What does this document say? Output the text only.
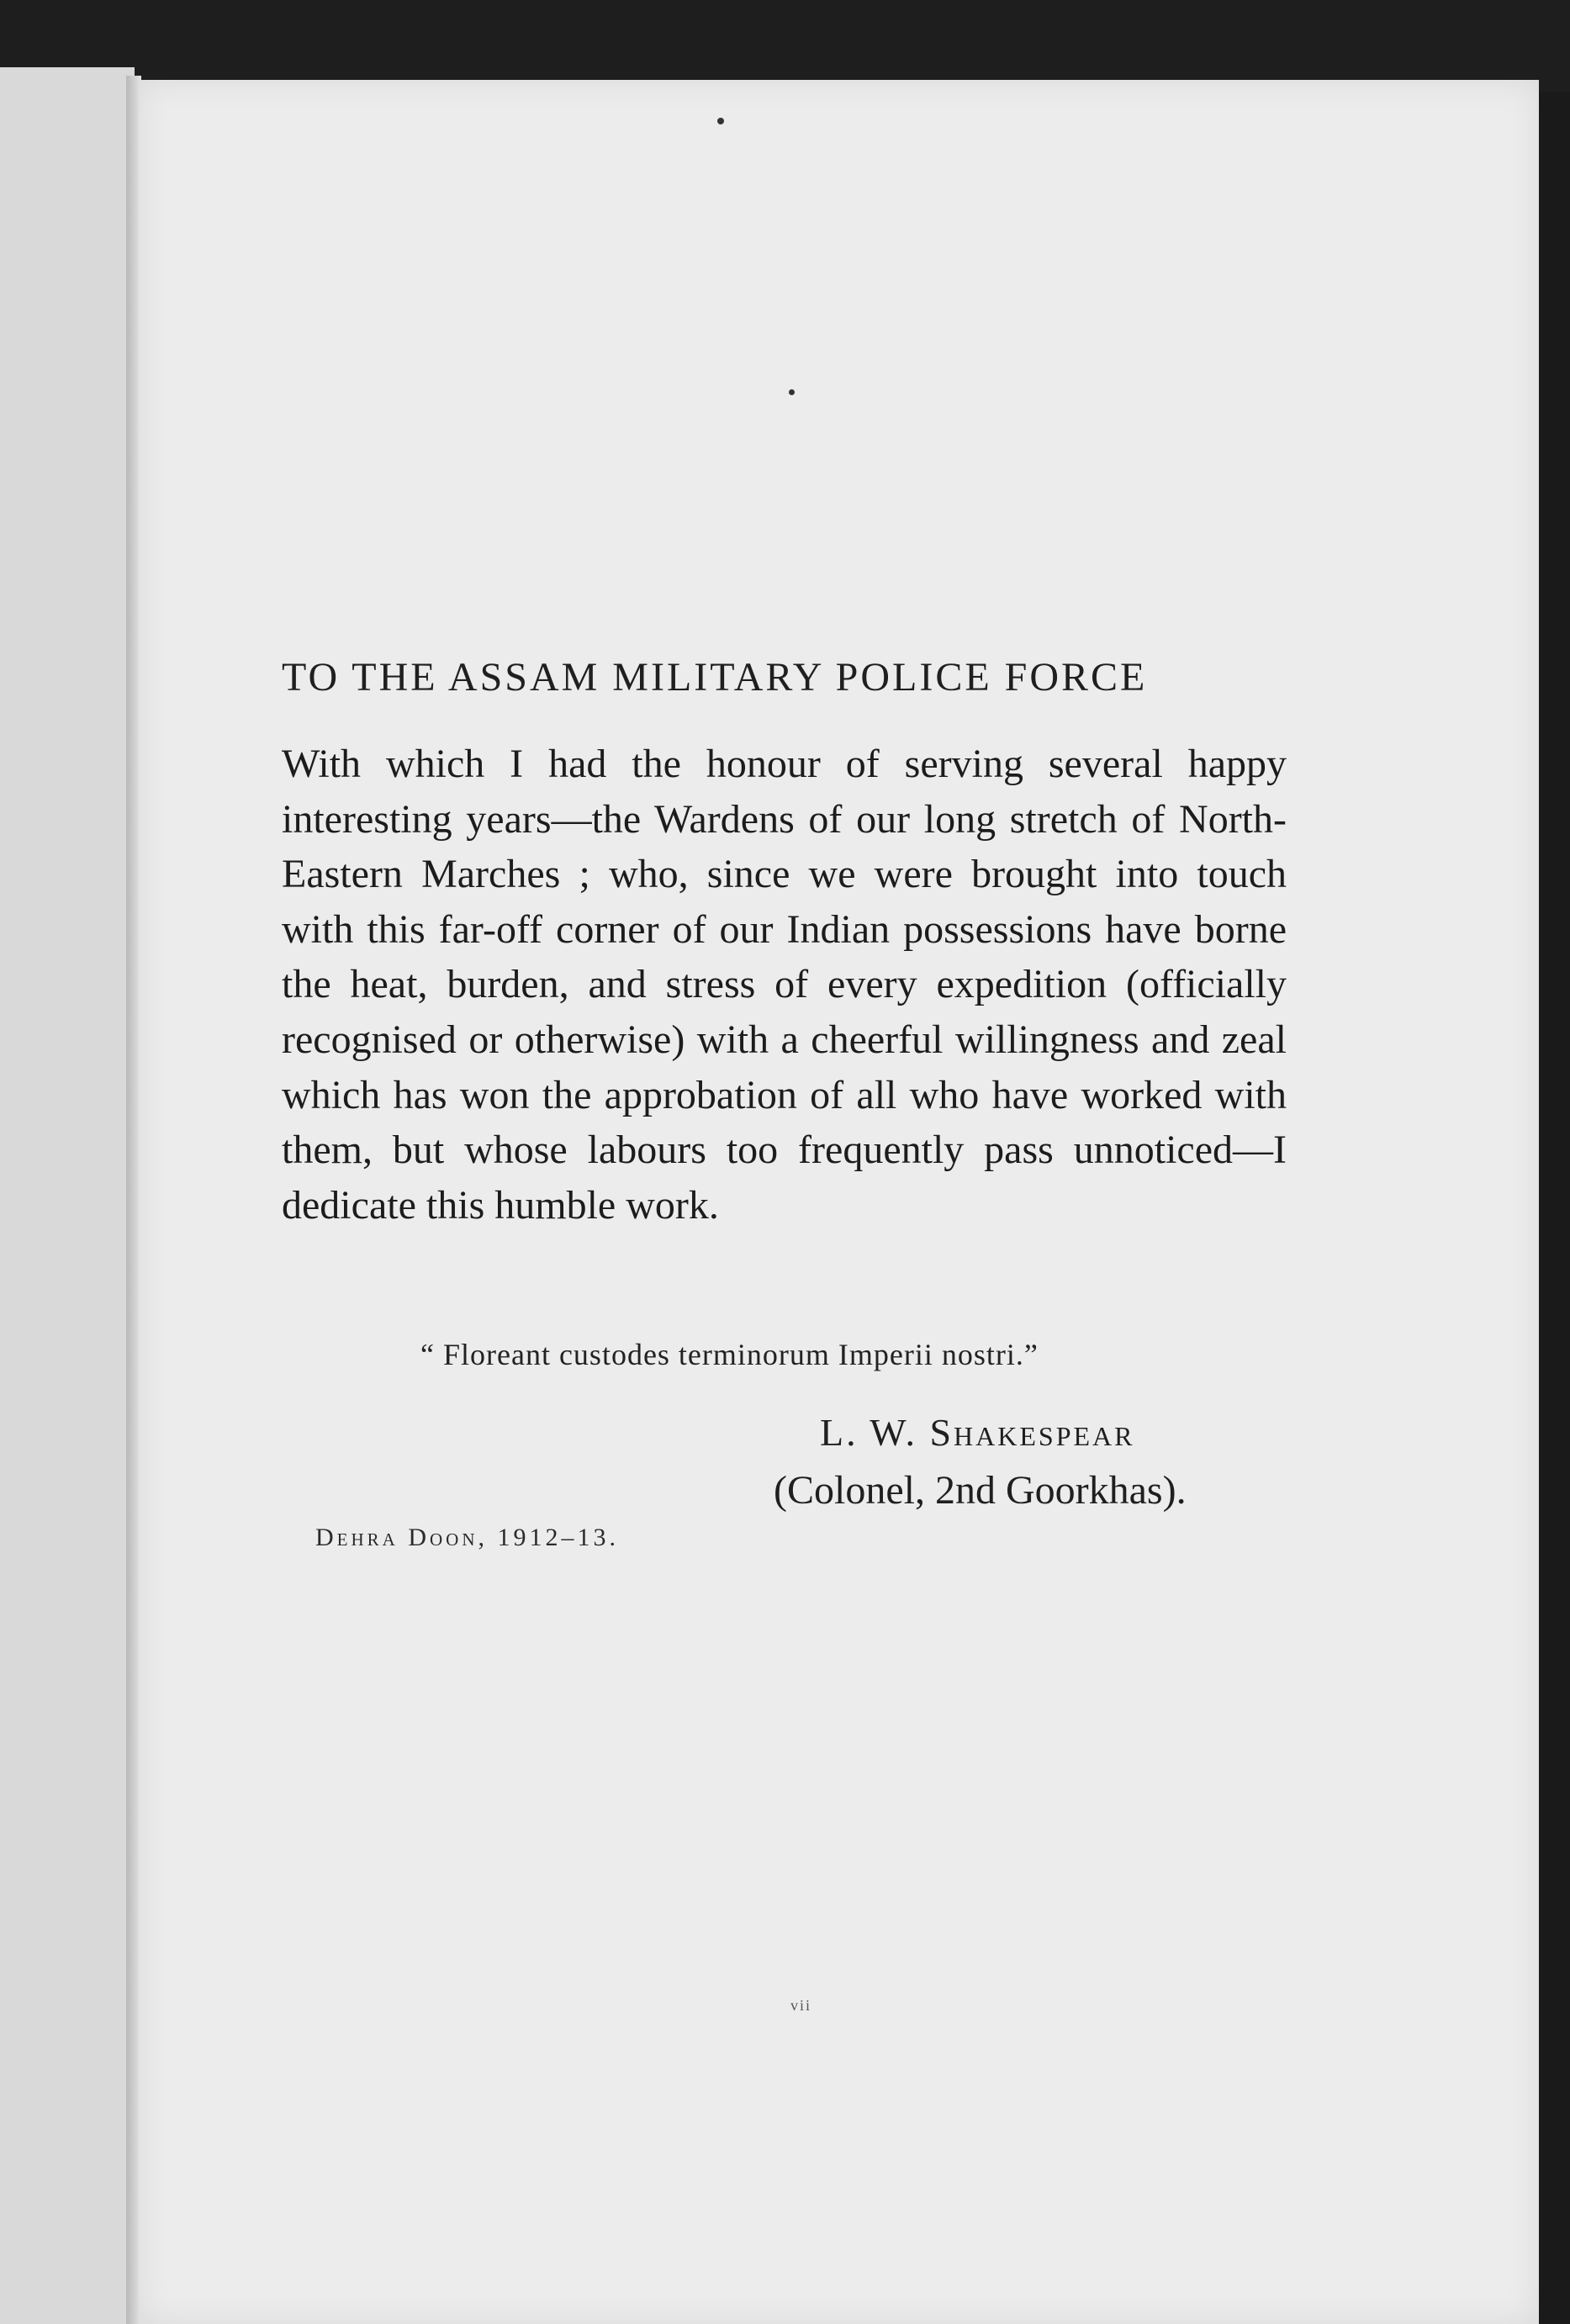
TO THE ASSAM MILITARY POLICE FORCE
With which I had the honour of serving several happy interesting years—the Wardens of our long stretch of North-Eastern Marches ; who, since we were brought into touch with this far-off corner of our Indian possessions have borne the heat, burden, and stress of every expedition (officially recognised or otherwise) with a cheerful willingness and zeal which has won the approbation of all who have worked with them, but whose labours too frequently pass unnoticed—I dedicate this humble work.
“ Floreant custodes terminorum Imperii nostri.”
L. W. Shakespear
(Colonel, 2nd Goorkhas).
Dehra Doon, 1912–13.
vii
